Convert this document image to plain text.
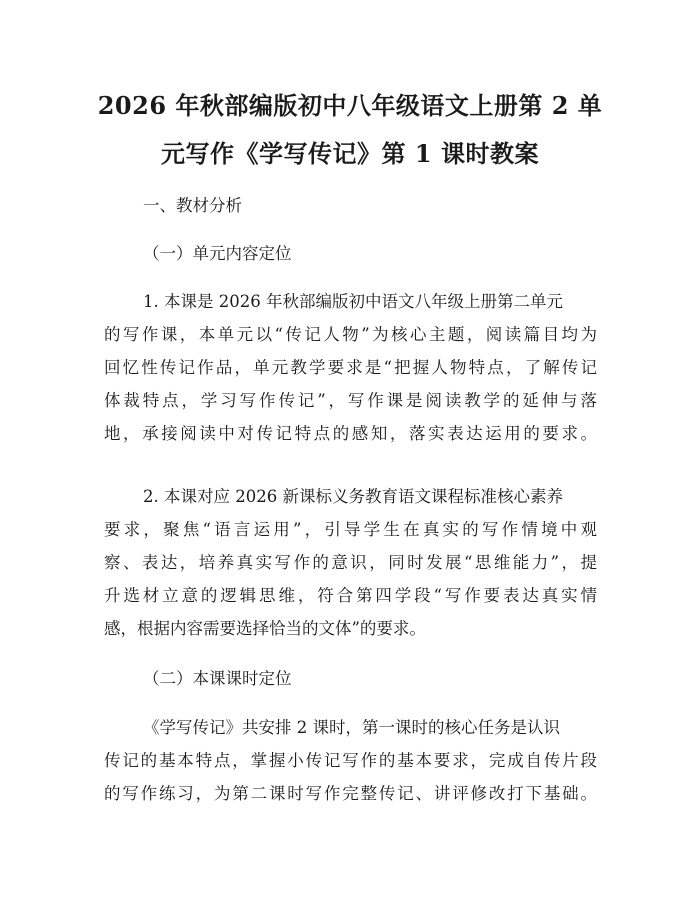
2026 年秋部编版初中八年级语文上册第 2 单
元写作《学写传记》第 1 课时教案
一、教材分析
（一）单元内容定位
1. 本课是 2026 年秋部编版初中语文八年级上册第二单元
的写作课，本单元以“传记人物”为核心主题，阅读篇目均为
回忆性传记作品，单元教学要求是“把握人物特点，了解传记
体裁特点，学习写作传记”，写作课是阅读教学的延伸与落
地，承接阅读中对传记特点的感知，落实表达运用的要求。
2. 本课对应 2026 新课标义务教育语文课程标准核心素养
要求，聚焦“语言运用”，引导学生在真实的写作情境中观
察、表达，培养真实写作的意识，同时发展“思维能力”，提
升选材立意的逻辑思维，符合第四学段“写作要表达真实情
感，根据内容需要选择恰当的文体”的要求。
（二）本课课时定位
《学写传记》共安排 2 课时，第一课时的核心任务是认识
传记的基本特点，掌握小传记写作的基本要求，完成自传片段
的写作练习，为第二课时写作完整传记、讲评修改打下基础。
